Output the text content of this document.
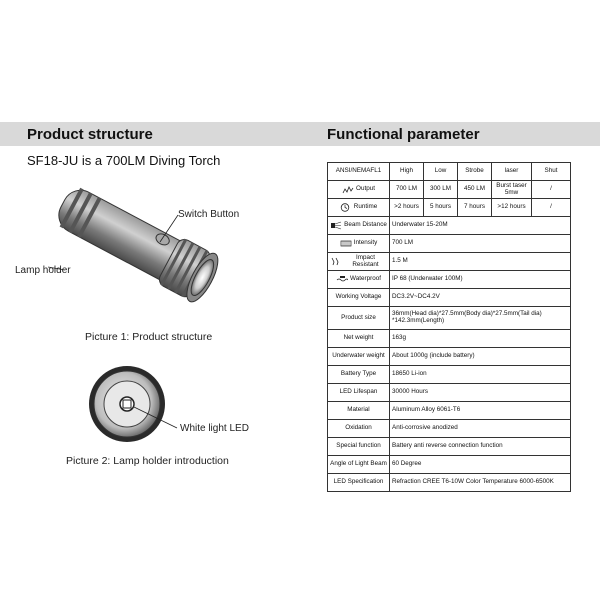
Product structure	Functional parameter
SF18-JU is a 700LM Diving Torch
Switch Button
Lamp holder
Picture 1: Product structure
White light LED
Picture 2: Lamp holder introduction
ANSI/NEMAFL1	High	Low	Strobe	laser	Shut

Output	700 LM	300 LM	450 LM	Burst taser 5mw	/

Runtime	>2 hours	5 hours	7 hours	>12 hours	/

Beam Distance	Underwater 15-20M				

Intensity	700 LM				

Impact Resistant	1.5 M				

Waterproof	IP 68 (Underwater 100M)				
Working Voltage	DC3.2V~DC4.2V				
Product size	36mm(Head dia)*27.5mm(Body dia)*27.5mm(Tail dia) *142.3mm(Length)				
Net weight	163g				
Underwater weight	About 1000g (include battery)				
Battery Type	18650 Li-ion				
LED Lifespan	30000 Hours				
Material	Aluminum Alloy 6061-T6				
Oxidation	Anti-corrosive anodized				
Special function	Battery anti reverse connection function				
Angle of Light Beam	60 Degree				
LED Specification	Refraction CREE T6-10W Color Temperature 6000-6500K				
